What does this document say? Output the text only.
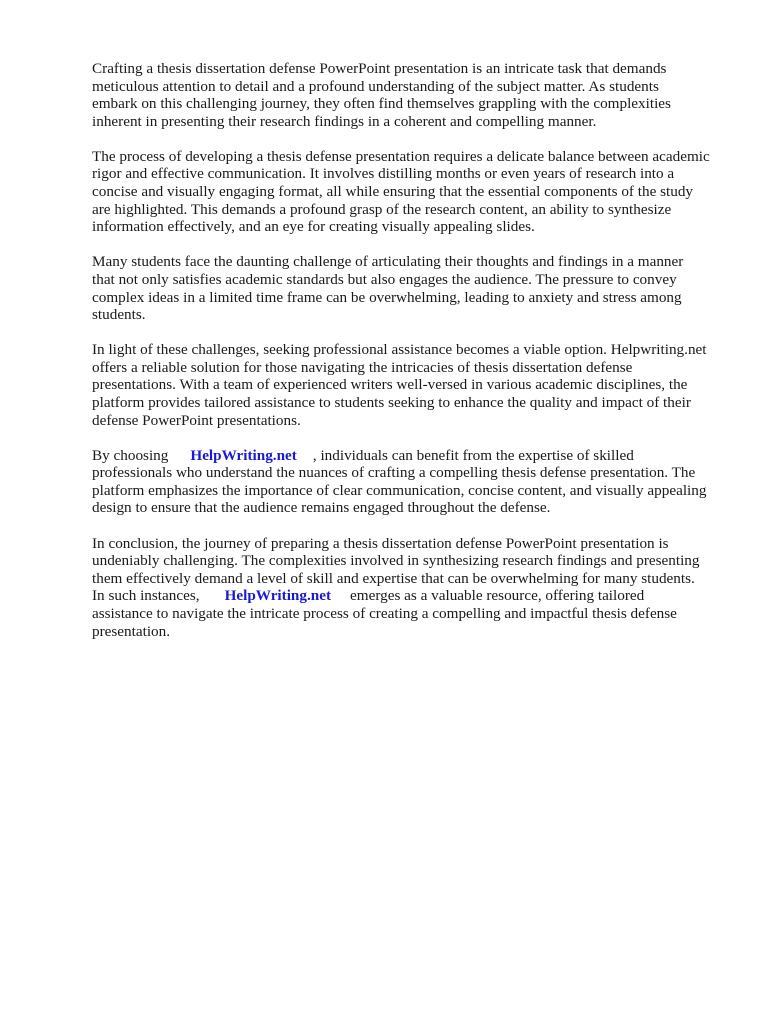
Crafting a thesis dissertation defense PowerPoint presentation is an intricate task that demands
meticulous attention to detail and a profound understanding of the subject matter. As students
embark on this challenging journey, they often find themselves grappling with the complexities
inherent in presenting their research findings in a coherent and compelling manner.

The process of developing a thesis defense presentation requires a delicate balance between academic
rigor and effective communication. It involves distilling months or even years of research into a
concise and visually engaging format, all while ensuring that the essential components of the study
are highlighted. This demands a profound grasp of the research content, an ability to synthesize
information effectively, and an eye for creating visually appealing slides.

Many students face the daunting challenge of articulating their thoughts and findings in a manner
that not only satisfies academic standards but also engages the audience. The pressure to convey
complex ideas in a limited time frame can be overwhelming, leading to anxiety and stress among
students.

In light of these challenges, seeking professional assistance becomes a viable option. Helpwriting.net
offers a reliable solution for those navigating the intricacies of thesis dissertation defense
presentations. With a team of experienced writers well-versed in various academic disciplines, the
platform provides tailored assistance to students seeking to enhance the quality and impact of their
defense PowerPoint presentations.

By choosing HelpWriting.net , individuals can benefit from the expertise of skilled
professionals who understand the nuances of crafting a compelling thesis defense presentation. The
platform emphasizes the importance of clear communication, concise content, and visually appealing
design to ensure that the audience remains engaged throughout the defense.

In conclusion, the journey of preparing a thesis dissertation defense PowerPoint presentation is
undeniably challenging. The complexities involved in synthesizing research findings and presenting
them effectively demand a level of skill and expertise that can be overwhelming for many students.
In such instances, HelpWriting.net emerges as a valuable resource, offering tailored
assistance to navigate the intricate process of creating a compelling and impactful thesis defense
presentation.
